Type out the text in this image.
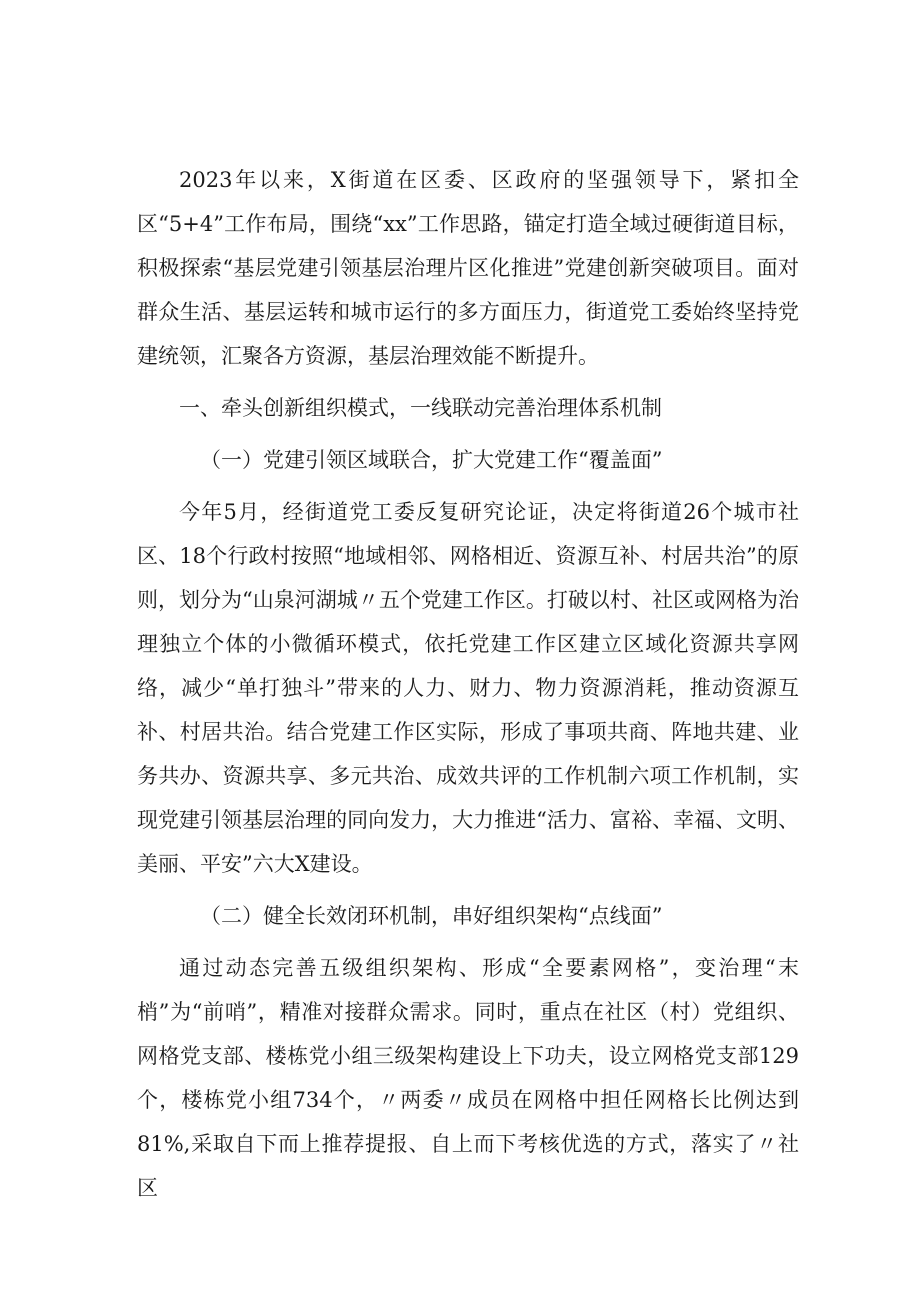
2023年以来，X街道在区委、区政府的坚强领导下，紧扣全区“5+4”工作布局，围绕“xx”工作思路，锚定打造全域过硬街道目标，积极探索“基层党建引领基层治理片区化推进”党建创新突破项目。面对群众生活、基层运转和城市运行的多方面压力，街道党工委始终坚持党建统领，汇聚各方资源，基层治理效能不断提升。

一、牵头创新组织模式，一线联动完善治理体系机制

（一）党建引领区域联合，扩大党建工作“覆盖面”

今年5月，经街道党工委反复研究论证，决定将街道26个城市社区、18个行政村按照“地域相邻、网格相近、资源互补、村居共治”的原则，划分为“山泉河湖城〃五个党建工作区。打破以村、社区或网格为治理独立个体的小微循环模式，依托党建工作区建立区域化资源共享网络，减少“单打独斗”带来的人力、财力、物力资源消耗，推动资源互补、村居共治。结合党建工作区实际，形成了事项共商、阵地共建、业务共办、资源共享、多元共治、成效共评的工作机制六项工作机制，实现党建引领基层治理的同向发力，大力推进“活力、富裕、幸福、文明、美丽、平安”六大X建设。

（二）健全长效闭环机制，串好组织架构“点线面”

通过动态完善五级组织架构、形成“全要素网格”，变治理“末梢”为“前哨”，精准对接群众需求。同时，重点在社区（村）党组织、网格党支部、楼栋党小组三级架构建设上下功夫，设立网格党支部129个，楼栋党小组734个，〃两委〃成员在网格中担任网格长比例达到81%,采取自下而上推荐提报、自上而下考核优选的方式，落实了〃社区
